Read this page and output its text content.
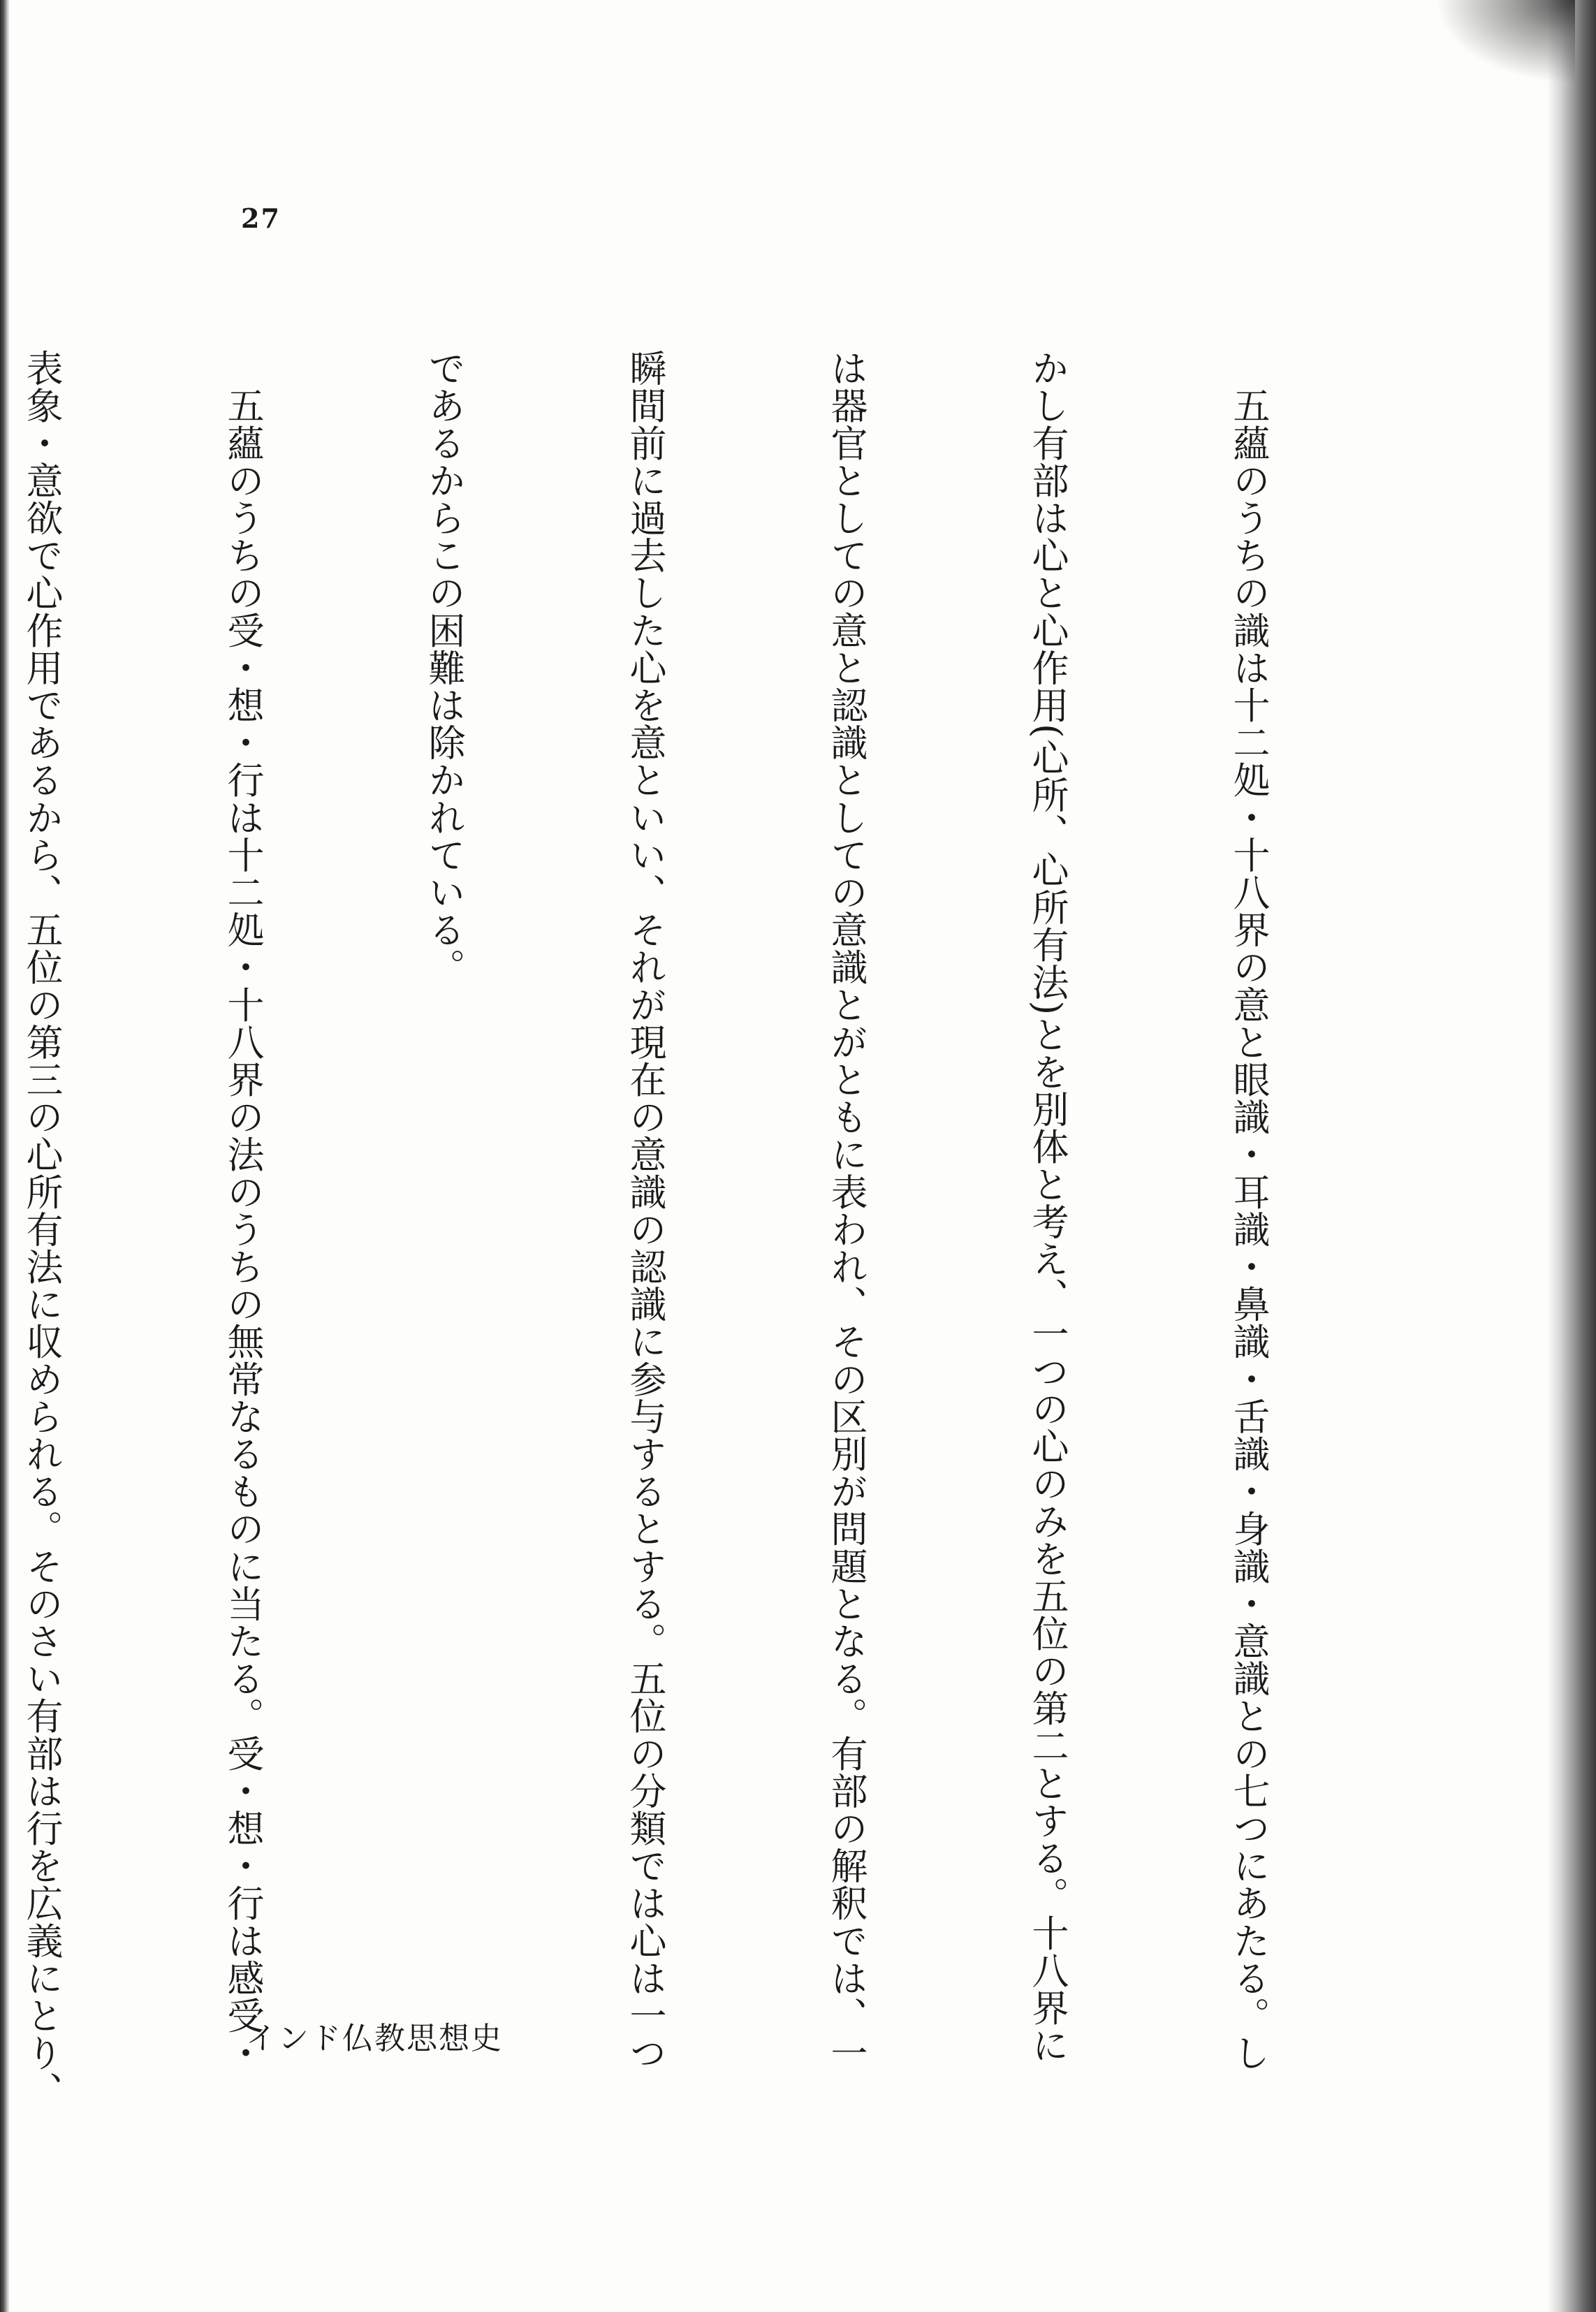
27

　五蘊のうちの識は十二処・十八界の意と眼識・耳識・鼻識・舌識・身識・意識との七つにあたる。し

かし有部は心と心作用(心所、心所有法)とを別体と考え、一つの心のみを五位の第二とする。十八界に

は器官としての意と認識としての意識とがともに表われ、その区別が問題となる。有部の解釈では、一

瞬間前に過去した心を意といい、それが現在の意識の認識に参与するとする。五位の分類では心は一つ

であるからこの困難は除かれている。

　五蘊のうちの受・想・行は十二処・十八界の法のうちの無常なるものに当たる。受・想・行は感受・

表象・意欲で心作用であるから、五位の第三の心所有法に収められる。そのさい有部は行を広義にとり、

	インド仏教思想史
